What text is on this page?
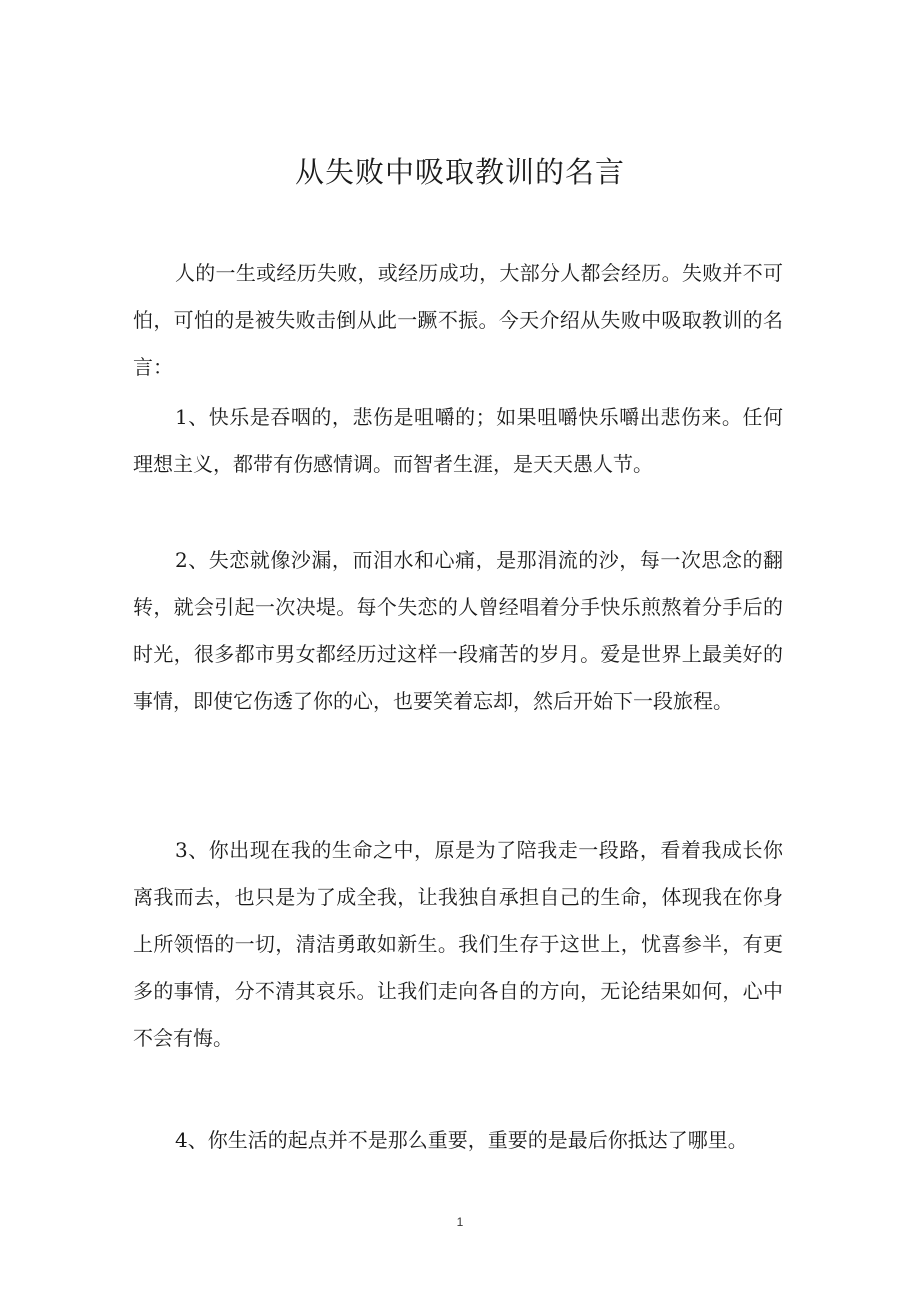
从失败中吸取教训的名言

人的一生或经历失败，或经历成功，大部分人都会经历。失败并不可怕，可怕的是被失败击倒从此一蹶不振。今天介绍从失败中吸取教训的名言：

1、快乐是吞咽的，悲伤是咀嚼的；如果咀嚼快乐嚼出悲伤来。任何理想主义，都带有伤感情调。而智者生涯，是天天愚人节。

2、失恋就像沙漏，而泪水和心痛，是那涓流的沙，每一次思念的翻转，就会引起一次决堤。每个失恋的人曾经唱着分手快乐煎熬着分手后的时光，很多都市男女都经历过这样一段痛苦的岁月。爱是世界上最美好的事情，即使它伤透了你的心，也要笑着忘却，然后开始下一段旅程。

3、你出现在我的生命之中，原是为了陪我走一段路，看着我成长你离我而去，也只是为了成全我，让我独自承担自己的生命，体现我在你身上所领悟的一切，清洁勇敢如新生。我们生存于这世上，忧喜参半，有更多的事情，分不清其哀乐。让我们走向各自的方向，无论结果如何，心中不会有悔。

4、你生活的起点并不是那么重要，重要的是最后你抵达了哪里。

1
